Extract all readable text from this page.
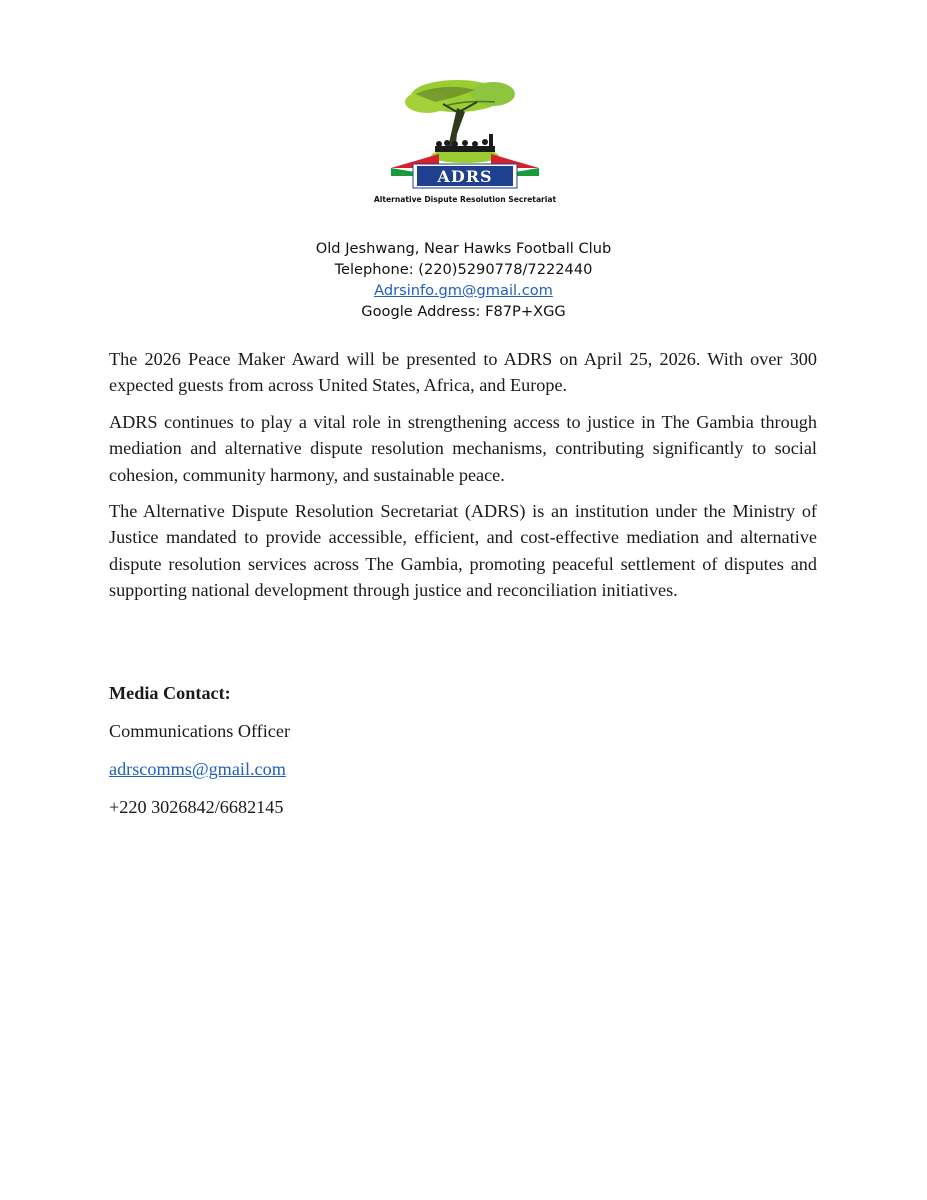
ADRS
Alternative Dispute Resolution Secretariat
Old Jeshwang, Near Hawks Football Club
Telephone: (220)5290778/7222440
Adrsinfo.gm@gmail.com
Google Address: F87P+XGG

The 2026 Peace Maker Award will be presented to ADRS on April 25, 2026. With over 300 expected guests from across United States, Africa, and Europe.

ADRS continues to play a vital role in strengthening access to justice in The Gambia through mediation and alternative dispute resolution mechanisms, contributing significantly to social cohesion, community harmony, and sustainable peace.

The Alternative Dispute Resolution Secretariat (ADRS) is an institution under the Ministry of Justice mandated to provide accessible, efficient, and cost-effective mediation and alternative dispute resolution services across The Gambia, promoting peaceful settlement of disputes and supporting national development through justice and reconciliation initiatives.

Media Contact:
Communications Officer
adrscomms@gmail.com
+220 3026842/6682145
